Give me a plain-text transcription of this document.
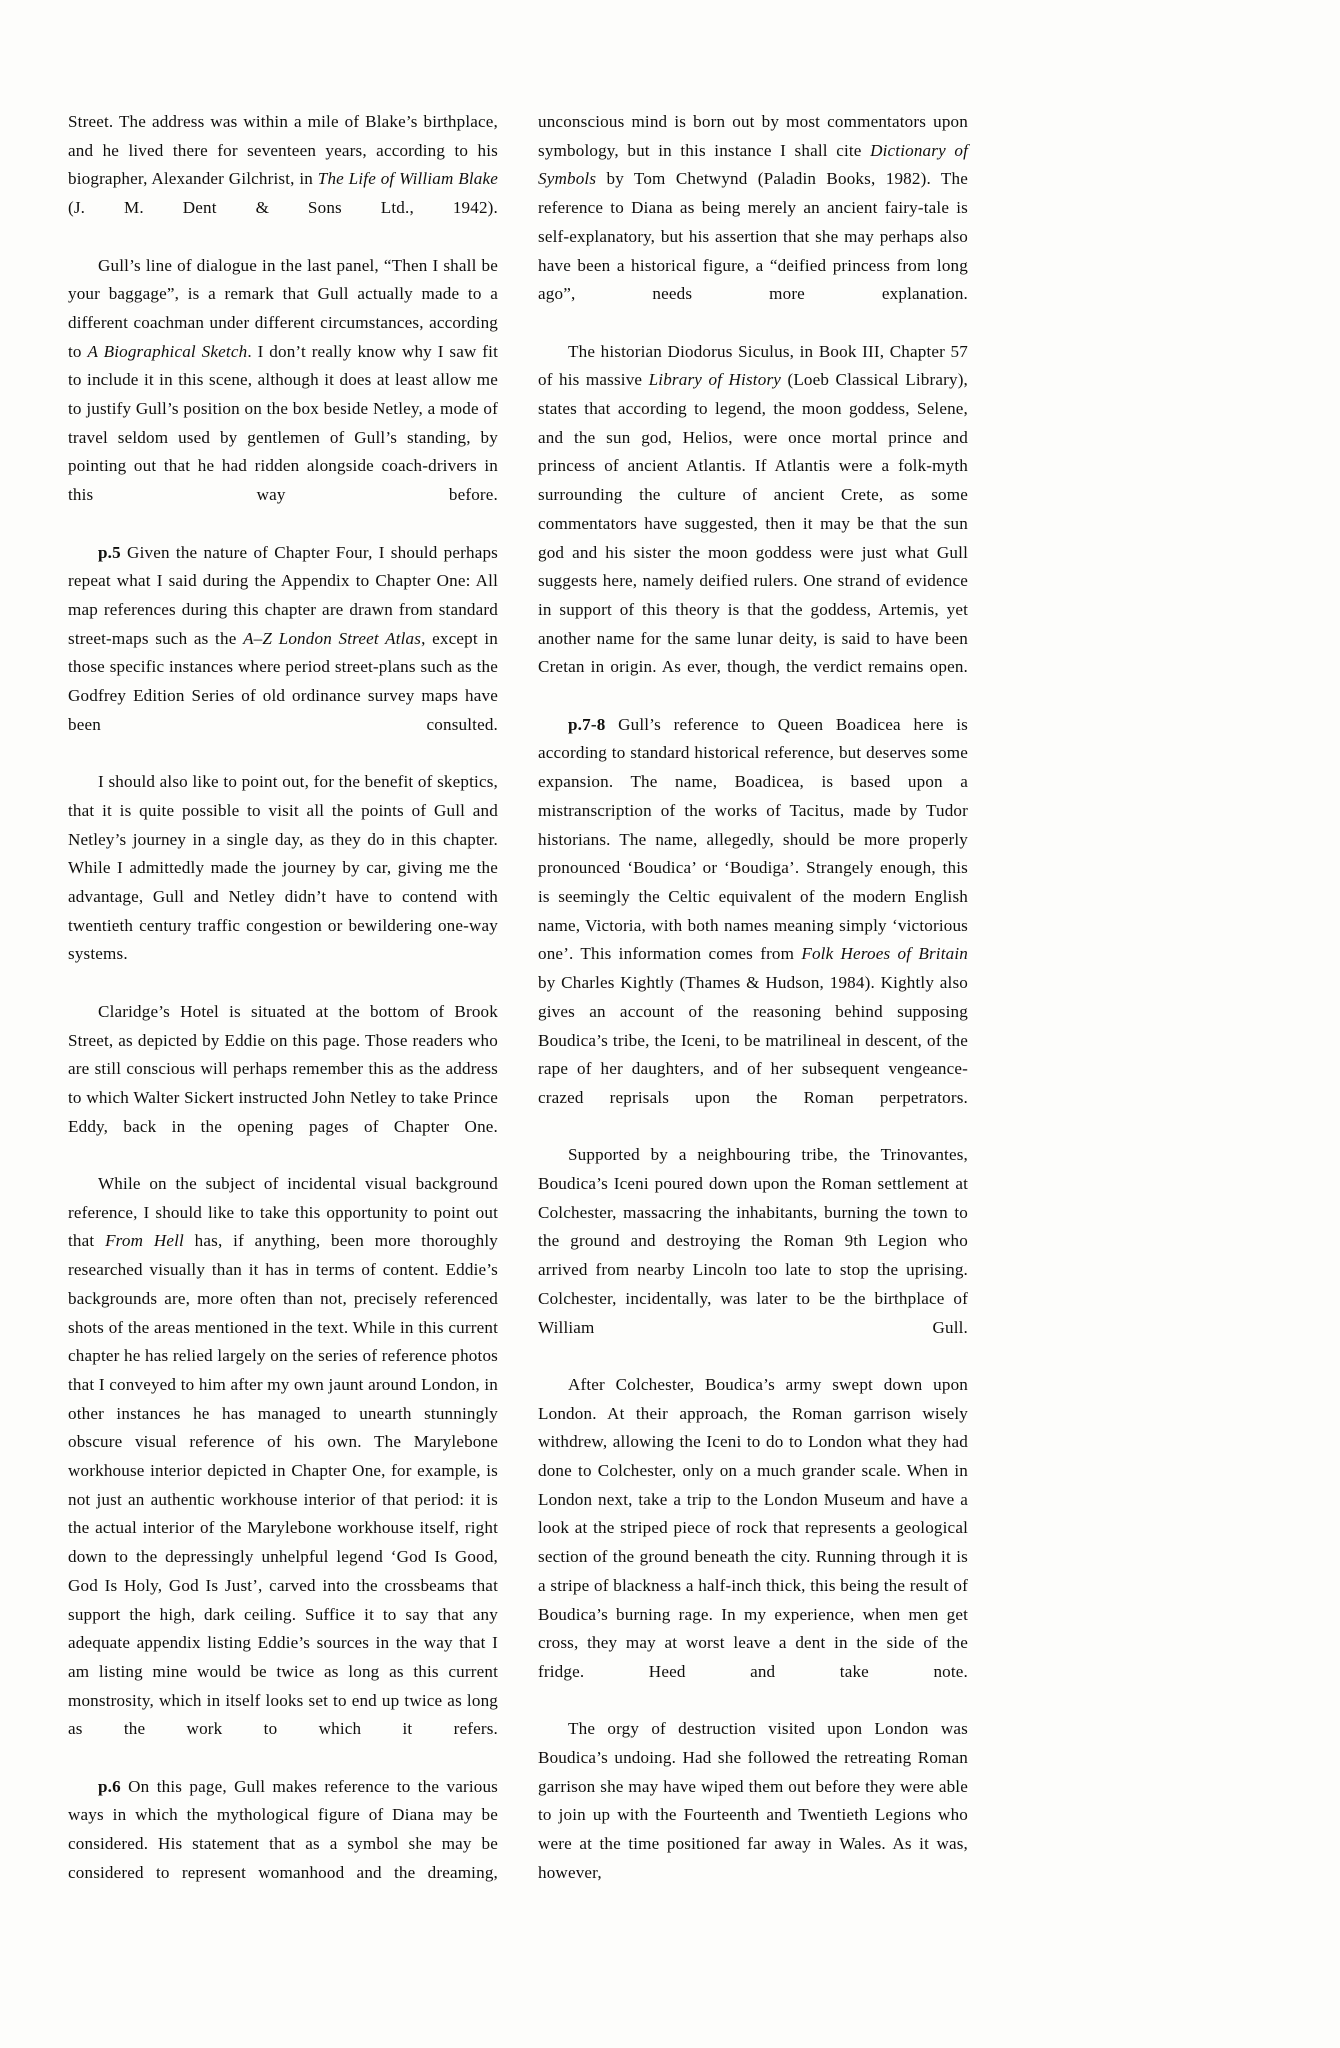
Street. The address was within a mile of Blake’s birthplace, and he lived there for seventeen years, according to his biographer, Alexander Gilchrist, in The Life of William Blake (J. M. Dent & Sons Ltd., 1942).

Gull’s line of dialogue in the last panel, “Then I shall be your baggage”, is a remark that Gull actually made to a different coachman under different circumstances, according to A Biographical Sketch. I don’t really know why I saw fit to include it in this scene, although it does at least allow me to justify Gull’s position on the box beside Netley, a mode of travel seldom used by gentlemen of Gull’s standing, by pointing out that he had ridden alongside coach-drivers in this way before.

p.5 Given the nature of Chapter Four, I should perhaps repeat what I said during the Appendix to Chapter One: All map references during this chapter are drawn from standard street-maps such as the A–Z London Street Atlas, except in those specific instances where period street-plans such as the Godfrey Edition Series of old ordinance survey maps have been consulted.

I should also like to point out, for the benefit of skeptics, that it is quite possible to visit all the points of Gull and Netley’s journey in a single day, as they do in this chapter. While I admittedly made the journey by car, giving me the advantage, Gull and Netley didn’t have to contend with twentieth century traffic congestion or bewildering one-way systems.

Claridge’s Hotel is situated at the bottom of Brook Street, as depicted by Eddie on this page. Those readers who are still conscious will perhaps remember this as the address to which Walter Sickert instructed John Netley to take Prince Eddy, back in the opening pages of Chapter One.

While on the subject of incidental visual background reference, I should like to take this opportunity to point out that From Hell has, if anything, been more thoroughly researched visually than it has in terms of content. Eddie’s backgrounds are, more often than not, precisely referenced shots of the areas mentioned in the text. While in this current chapter he has relied largely on the series of reference photos that I conveyed to him after my own jaunt around London, in other instances he has managed to unearth stunningly obscure visual reference of his own. The Marylebone workhouse interior depicted in Chapter One, for example, is not just an authentic workhouse interior of that period: it is the actual interior of the Marylebone workhouse itself, right down to the depressingly unhelpful legend ‘God Is Good, God Is Holy, God Is Just’, carved into the crossbeams that support the high, dark ceiling. Suffice it to say that any adequate appendix listing Eddie’s sources in the way that I am listing mine would be twice as long as this current monstrosity, which in itself looks set to end up twice as long as the work to which it refers.

p.6 On this page, Gull makes reference to the various ways in which the mythological figure of Diana may be considered. His statement that as a symbol she may be considered to represent womanhood and the dreaming,

unconscious mind is born out by most commentators upon symbology, but in this instance I shall cite Dictionary of Symbols by Tom Chetwynd (Paladin Books, 1982). The reference to Diana as being merely an ancient fairy-tale is self-explanatory, but his assertion that she may perhaps also have been a historical figure, a “deified princess from long ago”, needs more explanation.

The historian Diodorus Siculus, in Book III, Chapter 57 of his massive Library of History (Loeb Classical Library), states that according to legend, the moon goddess, Selene, and the sun god, Helios, were once mortal prince and princess of ancient Atlantis. If Atlantis were a folk-myth surrounding the culture of ancient Crete, as some commentators have suggested, then it may be that the sun god and his sister the moon goddess were just what Gull suggests here, namely deified rulers. One strand of evidence in support of this theory is that the goddess, Artemis, yet another name for the same lunar deity, is said to have been Cretan in origin. As ever, though, the verdict remains open.

p.7-8 Gull’s reference to Queen Boadicea here is according to standard historical reference, but deserves some expansion. The name, Boadicea, is based upon a mistranscription of the works of Tacitus, made by Tudor historians. The name, allegedly, should be more properly pronounced ‘Boudica’ or ‘Boudiga’. Strangely enough, this is seemingly the Celtic equivalent of the modern English name, Victoria, with both names meaning simply ‘victorious one’. This information comes from Folk Heroes of Britain by Charles Kightly (Thames & Hudson, 1984). Kightly also gives an account of the reasoning behind supposing Boudica’s tribe, the Iceni, to be matrilineal in descent, of the rape of her daughters, and of her subsequent vengeance-crazed reprisals upon the Roman perpetrators.

Supported by a neighbouring tribe, the Trinovantes, Boudica’s Iceni poured down upon the Roman settlement at Colchester, massacring the inhabitants, burning the town to the ground and destroying the Roman 9th Legion who arrived from nearby Lincoln too late to stop the uprising. Colchester, incidentally, was later to be the birthplace of William Gull.

After Colchester, Boudica’s army swept down upon London. At their approach, the Roman garrison wisely withdrew, allowing the Iceni to do to London what they had done to Colchester, only on a much grander scale. When in London next, take a trip to the London Museum and have a look at the striped piece of rock that represents a geological section of the ground beneath the city. Running through it is a stripe of blackness a half-inch thick, this being the result of Boudica’s burning rage. In my experience, when men get cross, they may at worst leave a dent in the side of the fridge. Heed and take note.

The orgy of destruction visited upon London was Boudica’s undoing. Had she followed the retreating Roman garrison she may have wiped them out before they were able to join up with the Fourteenth and Twentieth Legions who were at the time positioned far away in Wales. As it was, however,
